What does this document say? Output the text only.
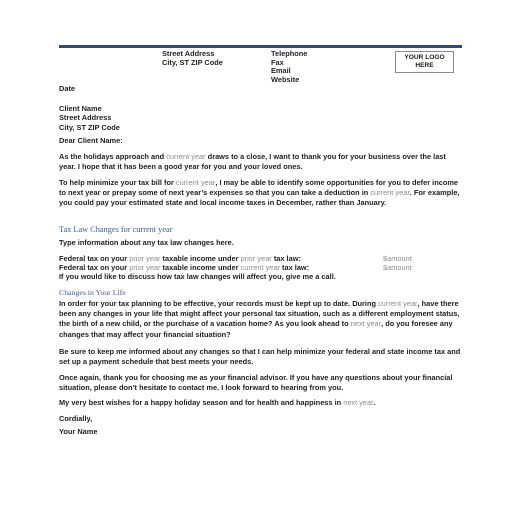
Street Address
City, ST ZIP Code
Telephone
Fax
Email
Website
YOUR LOGO
HERE
Date
Client Name
Street Address
City, ST ZIP Code
Dear Client Name:
As the holidays approach and current year draws to a close, I want to thank you for your business over the last year. I hope that it has been a good year for you and your loved ones.
To help minimize your tax bill for current year, I may be able to identify some opportunities for you to defer income to next year or prepay some of next year’s expenses so that you can take a deduction in current year. For example, you could pay your estimated state and local income taxes in December, rather than January.
Tax Law Changes for current year
Type information about any tax law changes here.
Federal tax on your prior year taxable income under prior year tax law:	$amount
Federal tax on your prior year taxable income under current year tax law:	$amount
If you would like to discuss how tax law changes will affect you, give me a call.
Changes in Your Life
In order for your tax planning to be effective, your records must be kept up to date. During current year, have there been any changes in your life that might affect your personal tax situation, such as a different employment status, the birth of a new child, or the purchase of a vacation home? As you look ahead to next year, do you foresee any changes that may affect your financial situation?
Be sure to keep me informed about any changes so that I can help minimize your federal and state income tax and set up a payment schedule that best meets your needs.
Once again, thank you for choosing me as your financial advisor. If you have any questions about your financial situation, please don’t hesitate to contact me. I look forward to hearing from you.
My very best wishes for a happy holiday season and for health and happiness in next year.
Cordially,
Your Name
